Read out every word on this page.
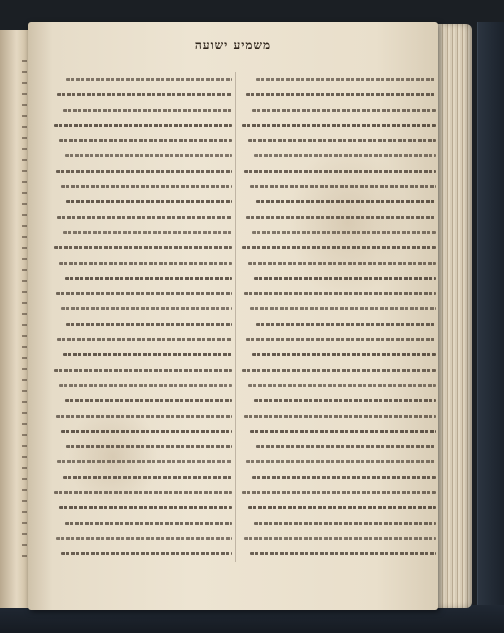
משמיע ישועה
